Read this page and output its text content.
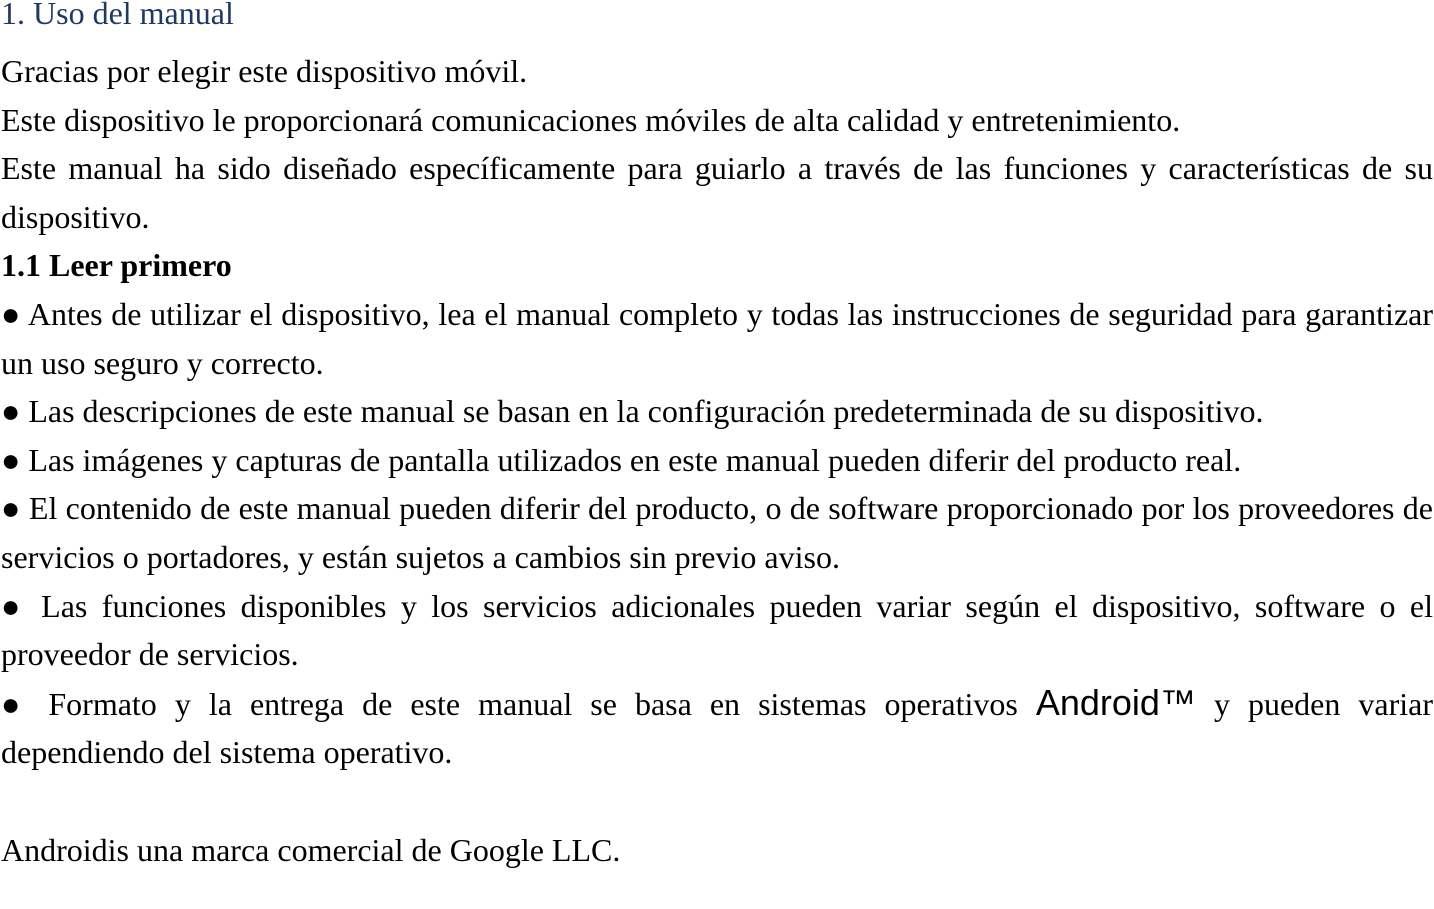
1. Uso del manual

Gracias por elegir este dispositivo móvil.

Este dispositivo le proporcionará comunicaciones móviles de alta calidad y entretenimiento.

Este manual ha sido diseñado específicamente para guiarlo a través de las funciones y características de su dispositivo.

1.1 Leer primero

● Antes de utilizar el dispositivo, lea el manual completo y todas las instrucciones de seguridad para garantizar un uso seguro y correcto.

● Las descripciones de este manual se basan en la configuración predeterminada de su dispositivo.

● Las imágenes y capturas de pantalla utilizados en este manual pueden diferir del producto real.

● El contenido de este manual pueden diferir del producto, o de software proporcionado por los proveedores de servicios o portadores, y están sujetos a cambios sin previo aviso.

● Las funciones disponibles y los servicios adicionales pueden variar según el dispositivo, software o el proveedor de servicios.

● Formato y la entrega de este manual se basa en sistemas operativos Android™ y pueden variar dependiendo del sistema operativo.

Androidis una marca comercial de Google LLC.
